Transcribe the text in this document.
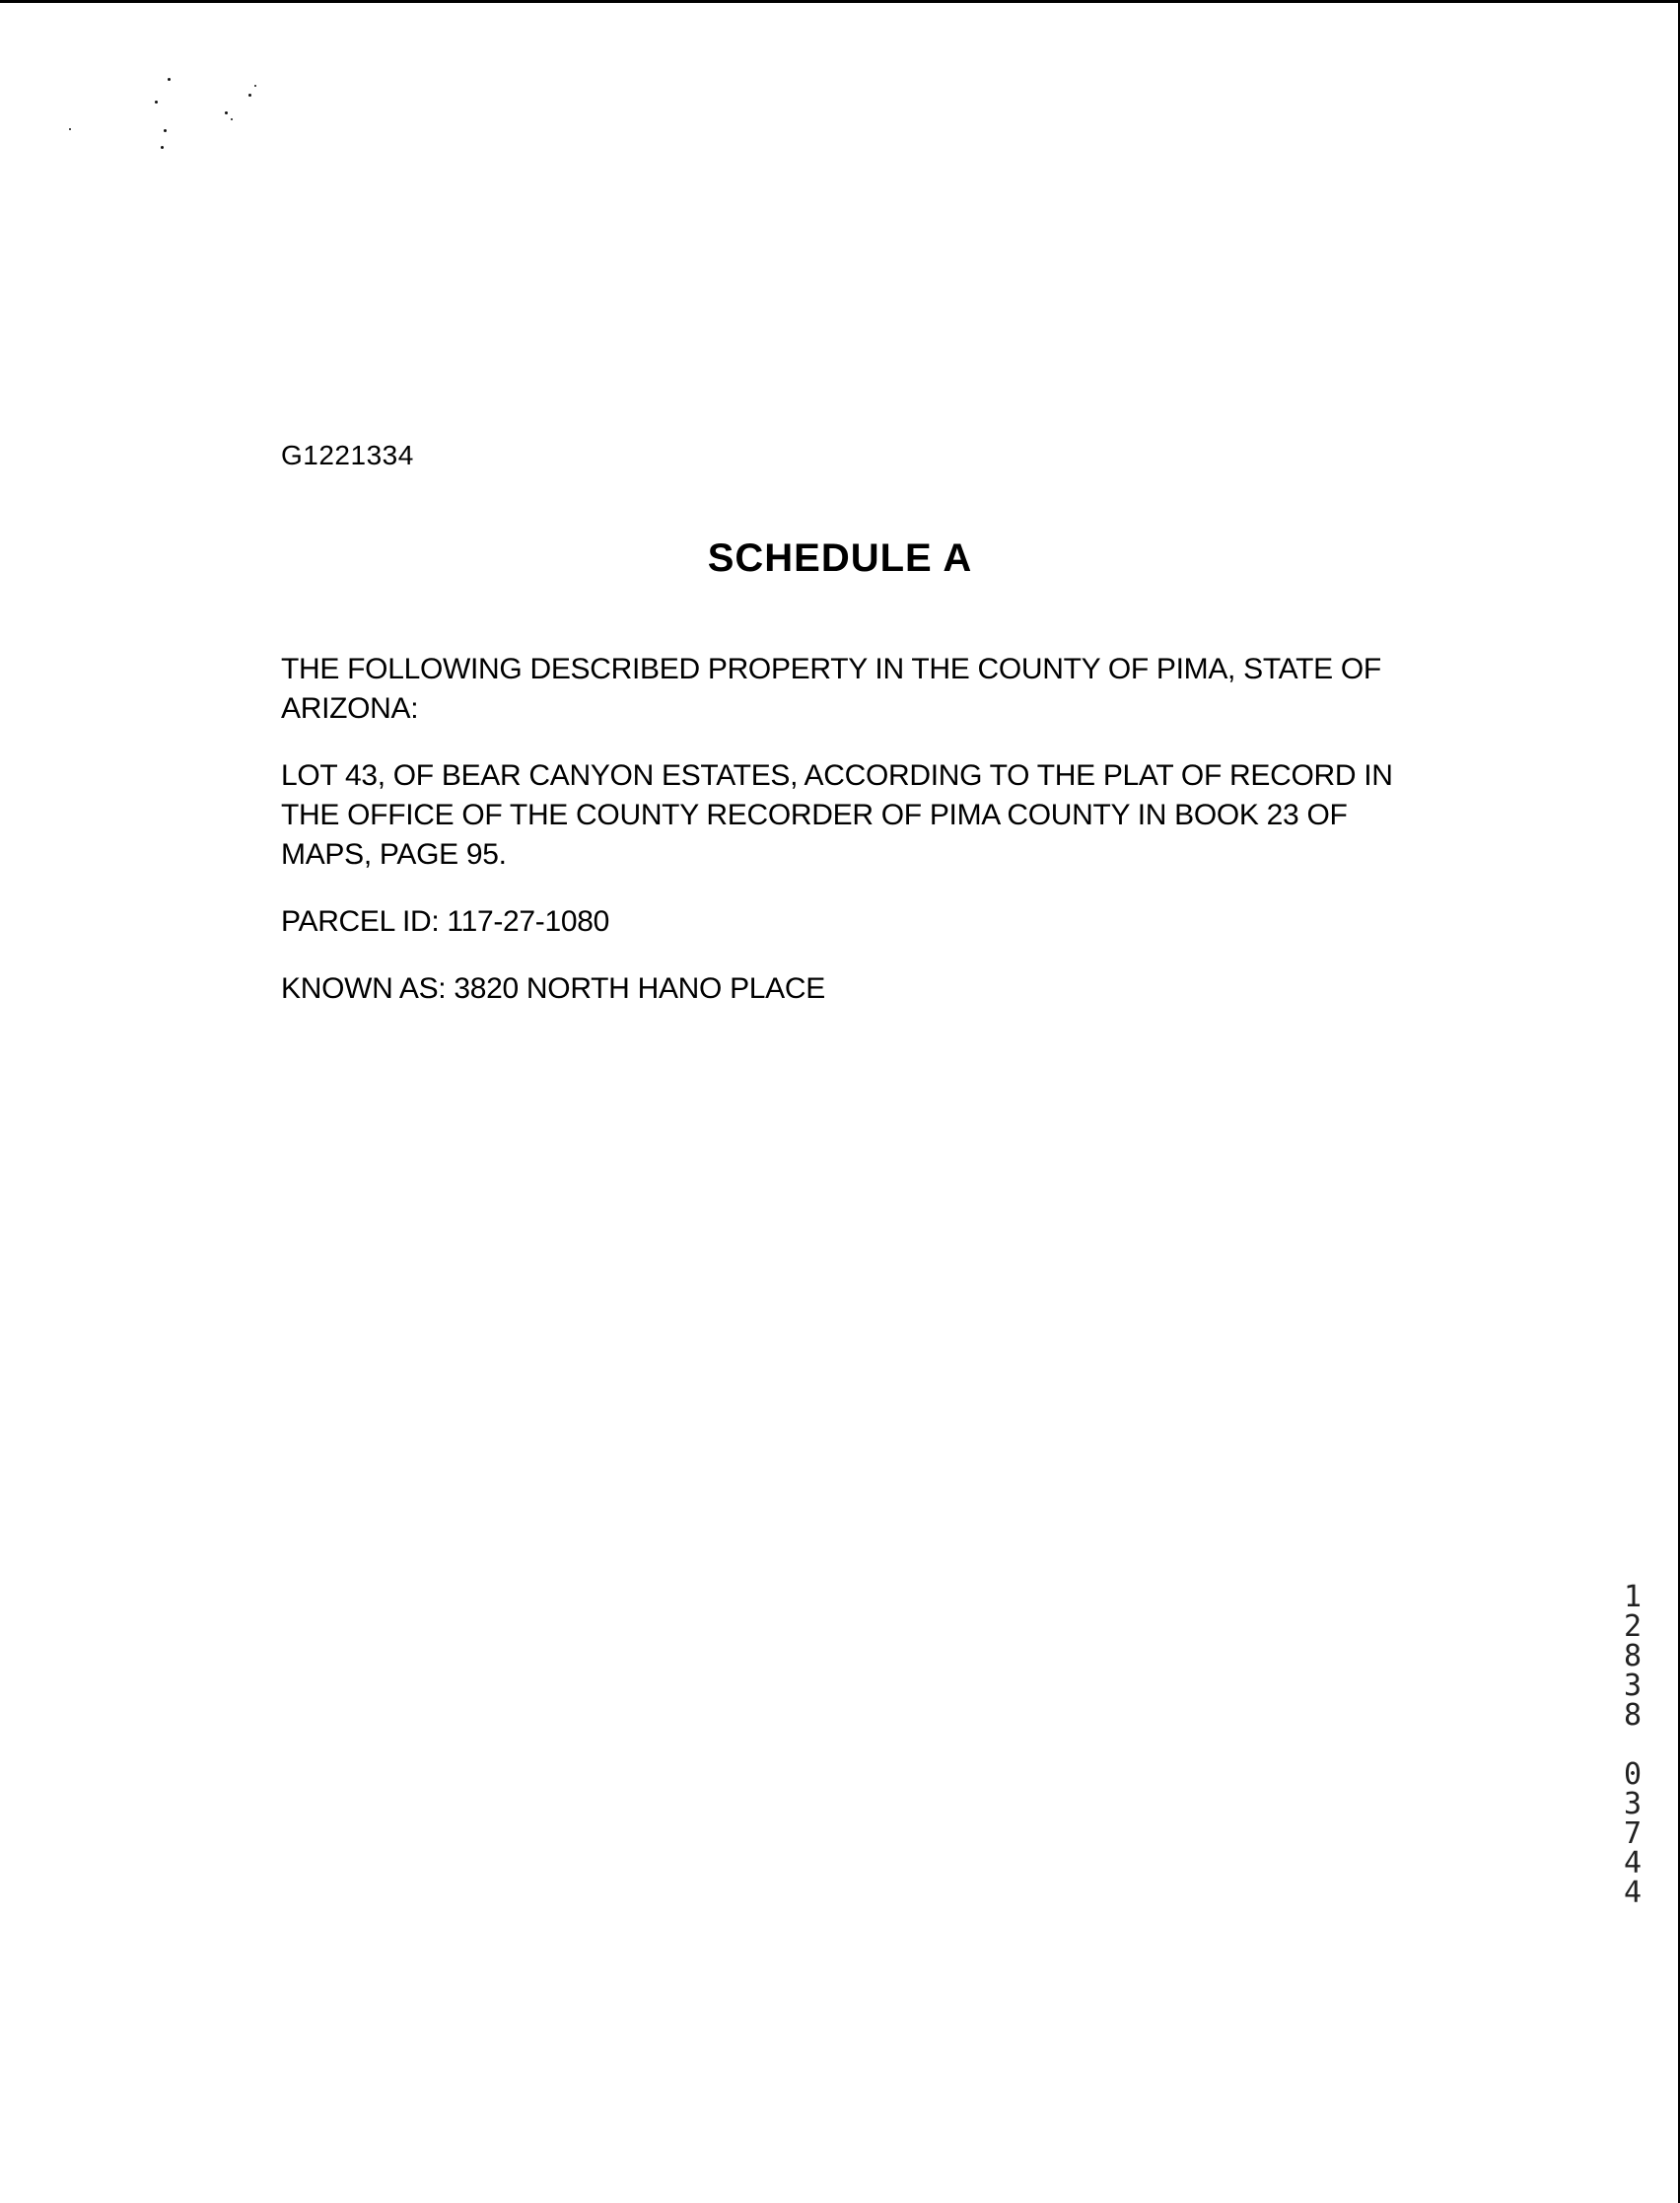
G1221334
SCHEDULE A
THE FOLLOWING DESCRIBED PROPERTY IN THE COUNTY OF PIMA, STATE OF ARIZONA:
LOT 43, OF BEAR CANYON ESTATES, ACCORDING TO THE PLAT OF RECORD IN THE OFFICE OF THE COUNTY RECORDER OF PIMA COUNTY IN BOOK 23 OF MAPS, PAGE 95.
PARCEL ID: 117-27-1080
KNOWN AS: 3820 NORTH HANO PLACE
1
2
8
3
8
0
3
7
4
4
